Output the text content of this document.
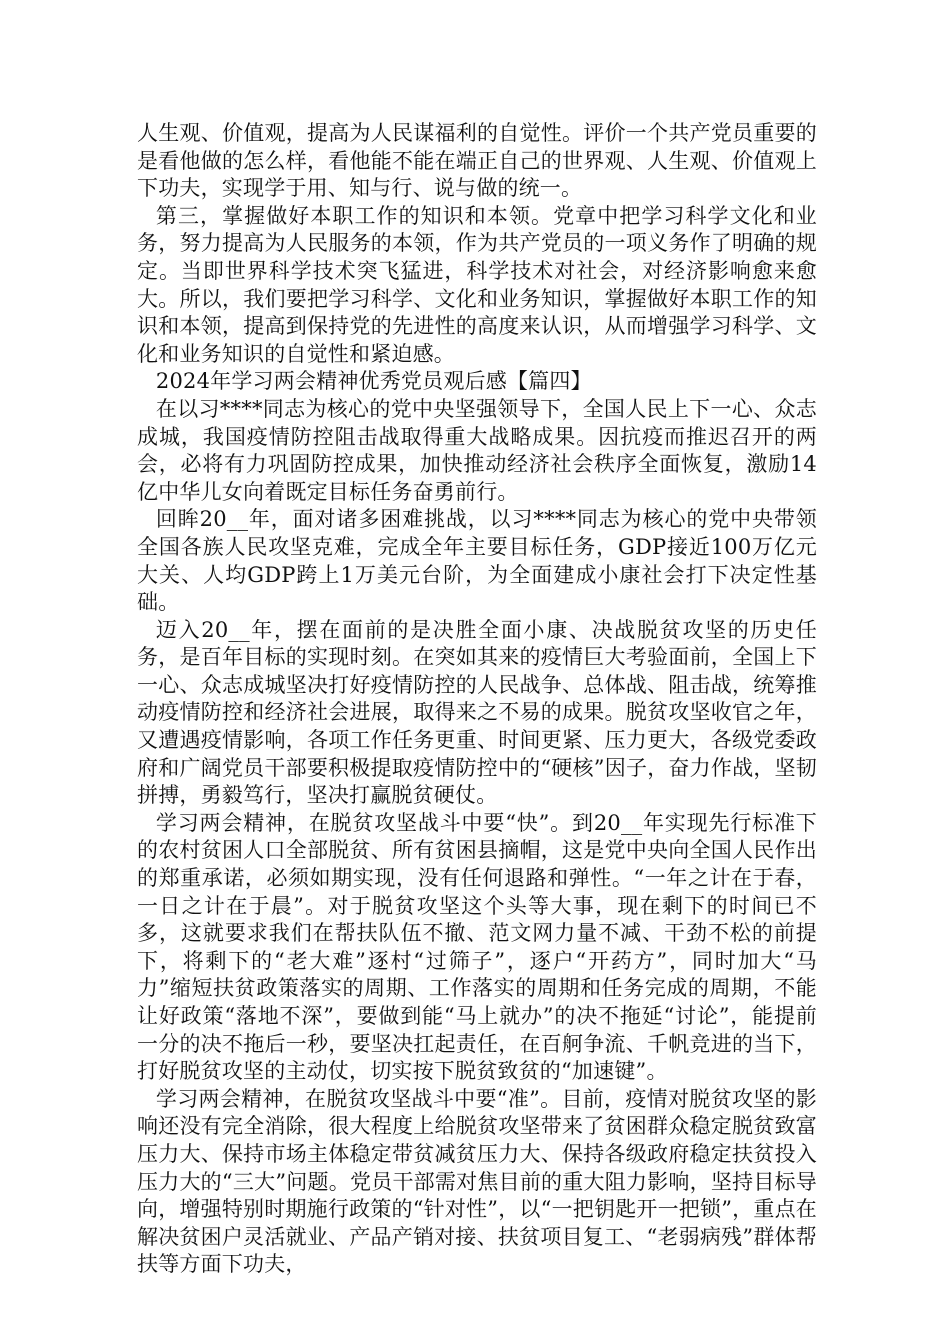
人生观、价值观，提高为人民谋福利的自觉性。评价一个共产党员重要的是看他做的怎么样，看他能不能在端正自己的世界观、人生观、价值观上下功夫，实现学于用、知与行、说与做的统一。

第三，掌握做好本职工作的知识和本领。党章中把学习科学文化和业务，努力提高为人民服务的本领，作为共产党员的一项义务作了明确的规定。当即世界科学技术突飞猛进，科学技术对社会，对经济影响愈来愈大。所以，我们要把学习科学、文化和业务知识，掌握做好本职工作的知识和本领，提高到保持党的先进性的高度来认识，从而增强学习科学、文化和业务知识的自觉性和紧迫感。

2024年学习两会精神优秀党员观后感【篇四】

在以习****同志为核心的党中央坚强领导下，全国人民上下一心、众志成城，我国疫情防控阻击战取得重大战略成果。因抗疫而推迟召开的两会，必将有力巩固防控成果，加快推动经济社会秩序全面恢复，激励14亿中华儿女向着既定目标任务奋勇前行。

回眸20__年，面对诸多困难挑战，以习****同志为核心的党中央带领全国各族人民攻坚克难，完成全年主要目标任务，GDP接近100万亿元大关、人均GDP跨上1万美元台阶，为全面建成小康社会打下决定性基础。

迈入20__年，摆在面前的是决胜全面小康、决战脱贫攻坚的历史任务，是百年目标的实现时刻。在突如其来的疫情巨大考验面前，全国上下一心、众志成城坚决打好疫情防控的人民战争、总体战、阻击战，统筹推动疫情防控和经济社会进展，取得来之不易的成果。脱贫攻坚收官之年，又遭遇疫情影响，各项工作任务更重、时间更紧、压力更大，各级党委政府和广阔党员干部要积极提取疫情防控中的“硬核”因子，奋力作战，坚韧拼搏，勇毅笃行，坚决打赢脱贫硬仗。

学习两会精神，在脱贫攻坚战斗中要“快”。到20__年实现先行标准下的农村贫困人口全部脱贫、所有贫困县摘帽，这是党中央向全国人民作出的郑重承诺，必须如期实现，没有任何退路和弹性。“一年之计在于春，一日之计在于晨”。对于脱贫攻坚这个头等大事，现在剩下的时间已不多，这就要求我们在帮扶队伍不撤、范文网力量不减、干劲不松的前提下，将剩下的“老大难”逐村“过筛子”，逐户“开药方”，同时加大“马力”缩短扶贫政策落实的周期、工作落实的周期和任务完成的周期，不能让好政策“落地不深”，要做到能“马上就办”的决不拖延“讨论”，能提前一分的决不拖后一秒，要坚决扛起责任，在百舸争流、千帆竞进的当下，打好脱贫攻坚的主动仗，切实按下脱贫致贫的“加速键”。

学习两会精神，在脱贫攻坚战斗中要“准”。目前，疫情对脱贫攻坚的影响还没有完全消除，很大程度上给脱贫攻坚带来了贫困群众稳定脱贫致富压力大、保持市场主体稳定带贫减贫压力大、保持各级政府稳定扶贫投入压力大的“三大”问题。党员干部需对焦目前的重大阻力影响，坚持目标导向，增强特别时期施行政策的“针对性”，以“一把钥匙开一把锁”，重点在解决贫困户灵活就业、产品产销对接、扶贫项目复工、“老弱病残”群体帮扶等方面下功夫，
